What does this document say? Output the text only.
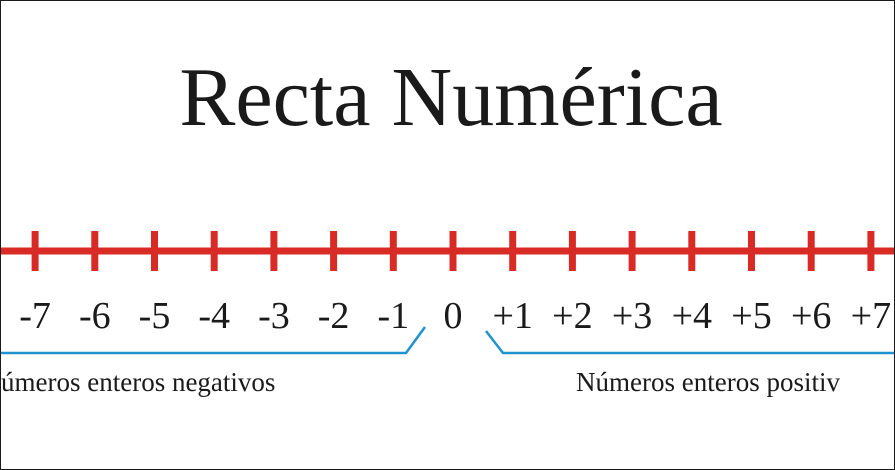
Recta Numérica
-7 -6 -5 -4 -3 -2 -1 0 +1 +2 +3 +4 +5 +6 +7
úmeros enteros negativos	Números enteros positiv
